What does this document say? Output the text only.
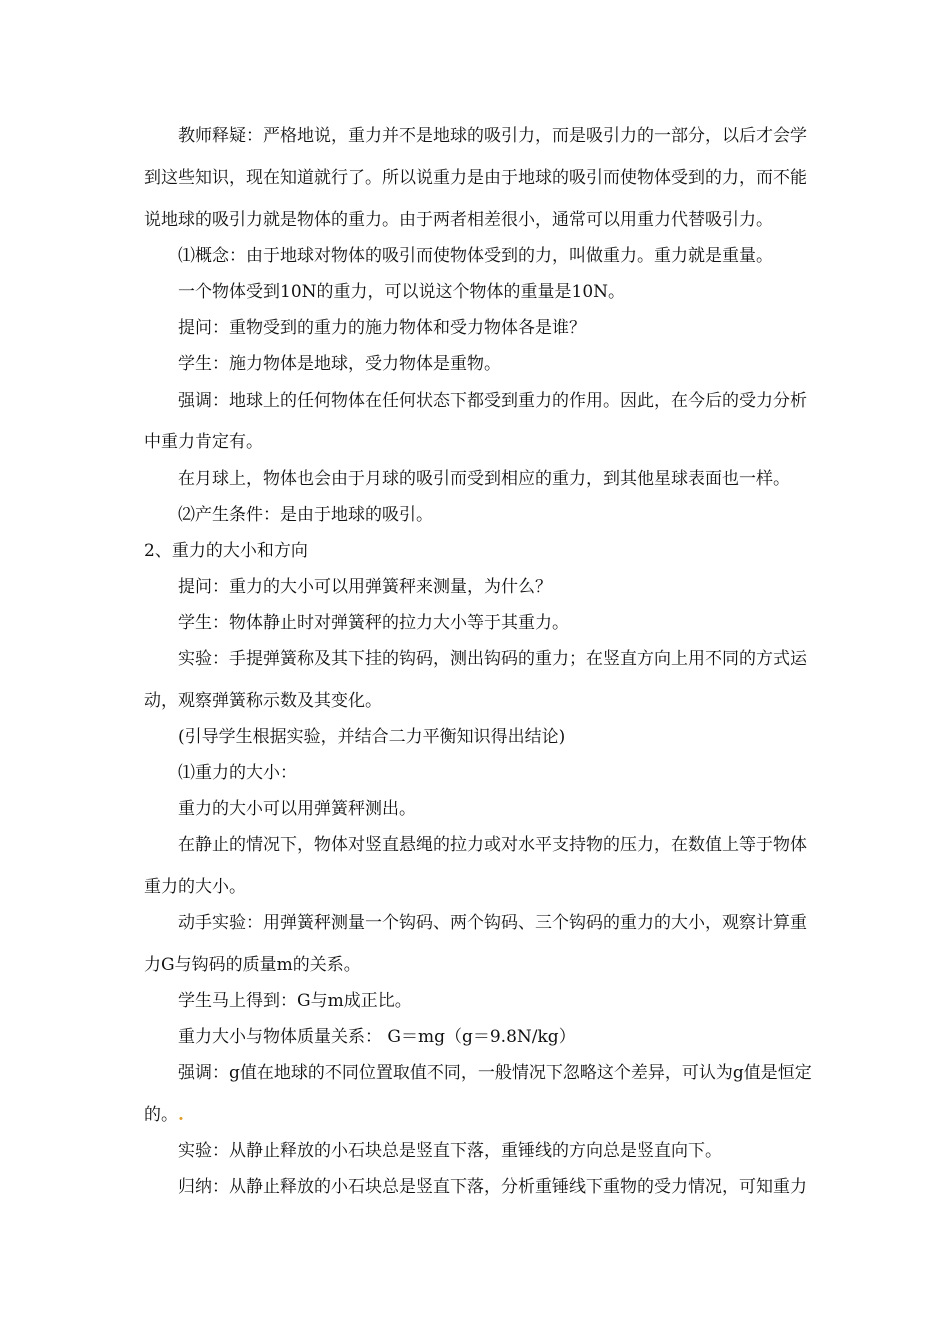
教师释疑：严格地说，重力并不是地球的吸引力，而是吸引力的一部分，以后才会学

到这些知识，现在知道就行了。所以说重力是由于地球的吸引而使物体受到的力，而不能

说地球的吸引力就是物体的重力。由于两者相差很小，通常可以用重力代替吸引力。

⑴概念：由于地球对物体的吸引而使物体受到的力，叫做重力。重力就是重量。

一个物体受到10N的重力，可以说这个物体的重量是10N。

提问：重物受到的重力的施力物体和受力物体各是谁？

学生：施力物体是地球，受力物体是重物。

强调：地球上的任何物体在任何状态下都受到重力的作用。因此，在今后的受力分析

中重力肯定有。

在月球上，物体也会由于月球的吸引而受到相应的重力，到其他星球表面也一样。

⑵产生条件：是由于地球的吸引。

2、重力的大小和方向

提问：重力的大小可以用弹簧秤来测量，为什么？

学生：物体静止时对弹簧秤的拉力大小等于其重力。

实验：手提弹簧称及其下挂的钩码，测出钩码的重力；在竖直方向上用不同的方式运

动，观察弹簧称示数及其变化。

(引导学生根据实验，并结合二力平衡知识得出结论)

⑴重力的大小：

重力的大小可以用弹簧秤测出。

在静止的情况下，物体对竖直悬绳的拉力或对水平支持物的压力，在数值上等于物体

重力的大小。

动手实验：用弹簧秤测量一个钩码、两个钩码、三个钩码的重力的大小，观察计算重

力G与钩码的质量m的关系。

学生马上得到：G与m成正比。

重力大小与物体质量关系： G＝mg（g＝9.8N/kg）

强调：g值在地球的不同位置取值不同，一般情况下忽略这个差异，可认为g值是恒定

的。.

实验：从静止释放的小石块总是竖直下落，重锤线的方向总是竖直向下。

归纳：从静止释放的小石块总是竖直下落，分析重锤线下重物的受力情况，可知重力
